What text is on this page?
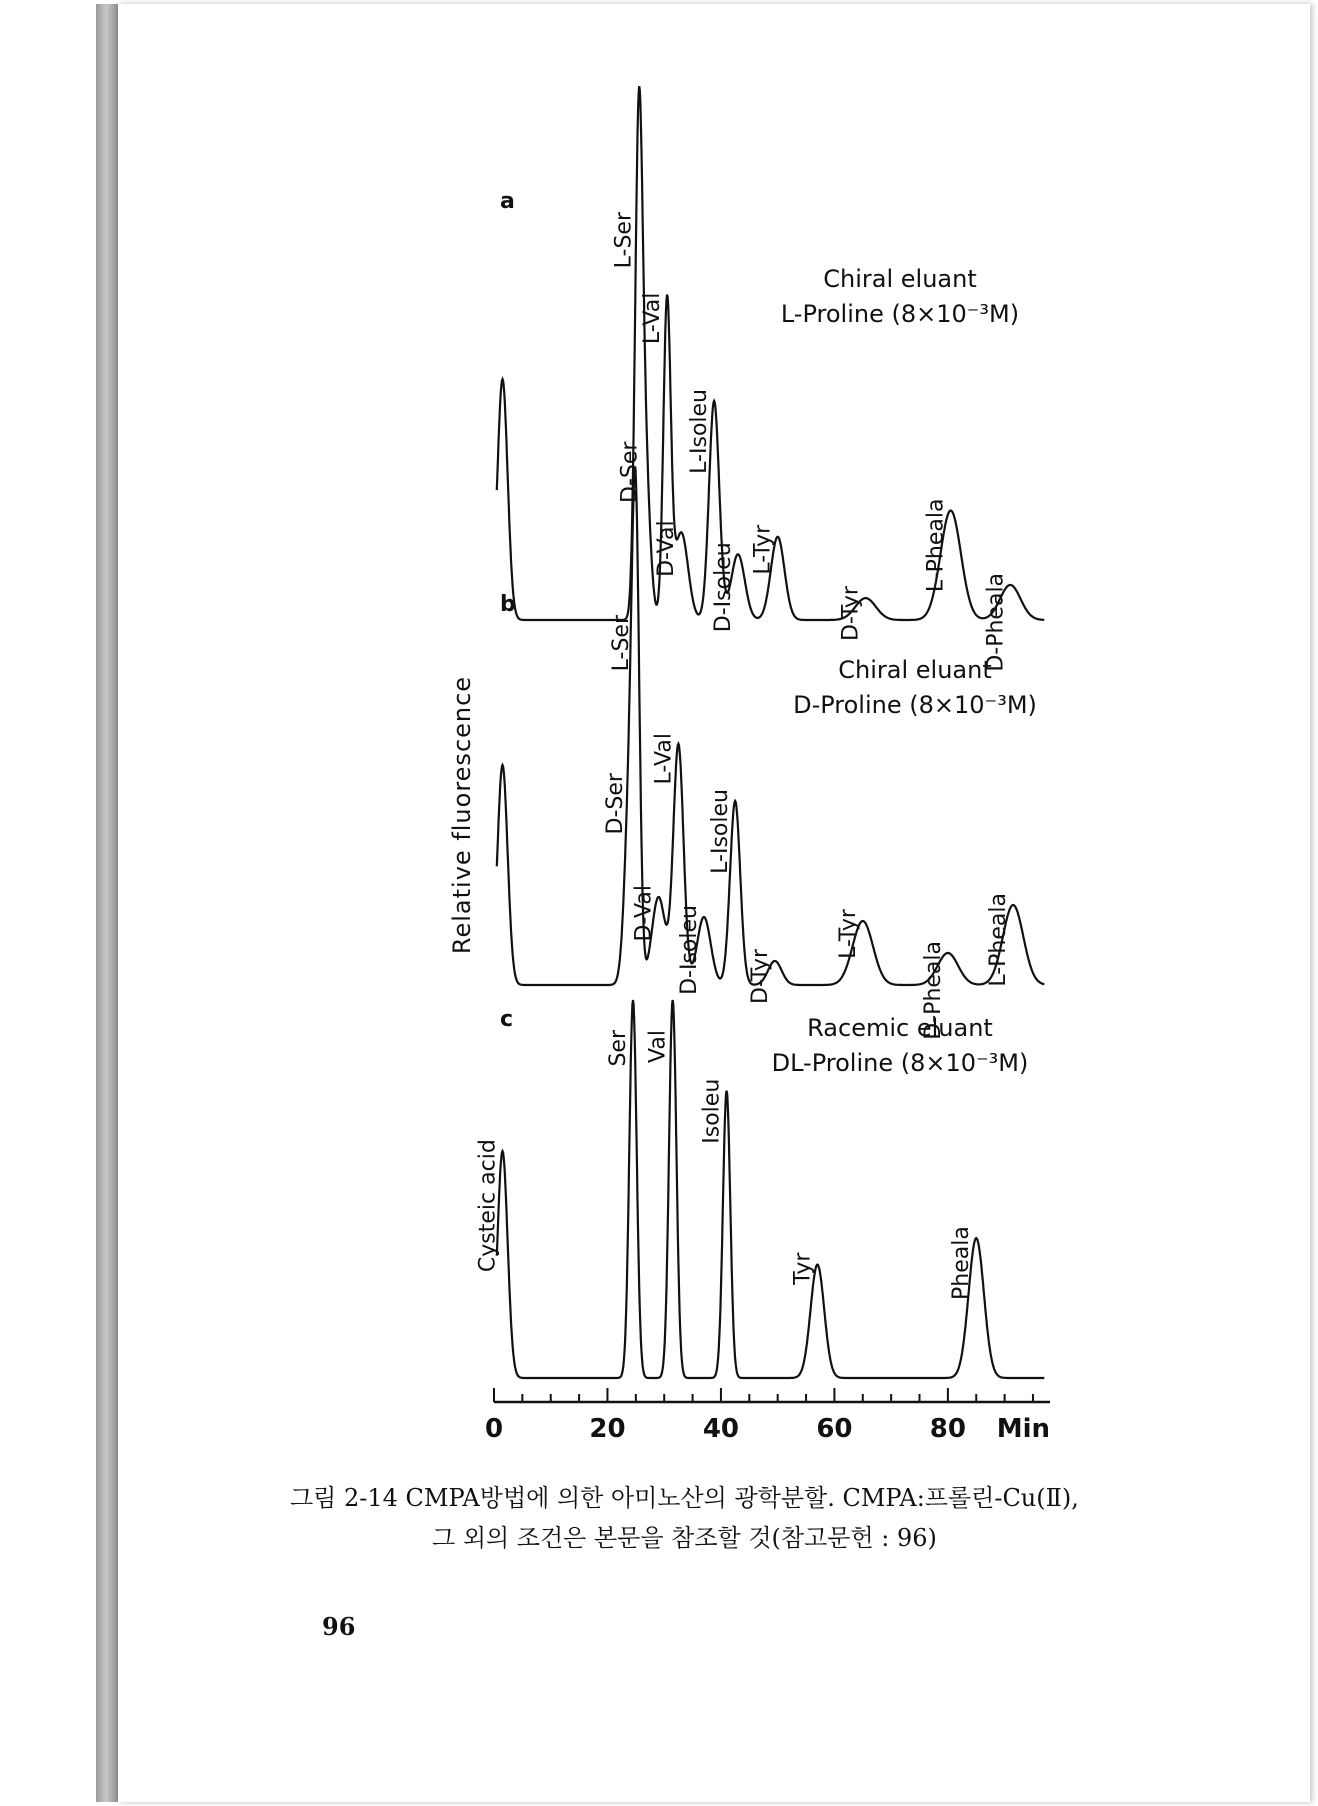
a
Chiral eluant
L-Proline (8×10⁻³M)
L-Ser
D-Ser
L-Val
D-Val
L-Isoleu
D-Isoleu L-Tyr
D-Tyr
L-Pheala
D-Pheala
b
Chiral eluant
D-Proline (8×10⁻³M)
D-Ser
L-Ser
D-Val
L-Val
D-Isoleu
L-Isoleu
D-Tyr
L-Tyr
D-Pheala
L-Pheala
c	Racemic eluant
DL-Proline (8×10⁻³M)
Cysteic acid
Ser Val
Isoleu
Tyr	Pheala
0	20	40	60	80 Min
Relative fluorescence
그림 2-14 CMPA방법에 의한 아미노산의 광학분할. CMPA:프롤린-Cu(Ⅱ),
그 외의 조건은 본문을 참조할 것(참고문헌 : 96)
96
